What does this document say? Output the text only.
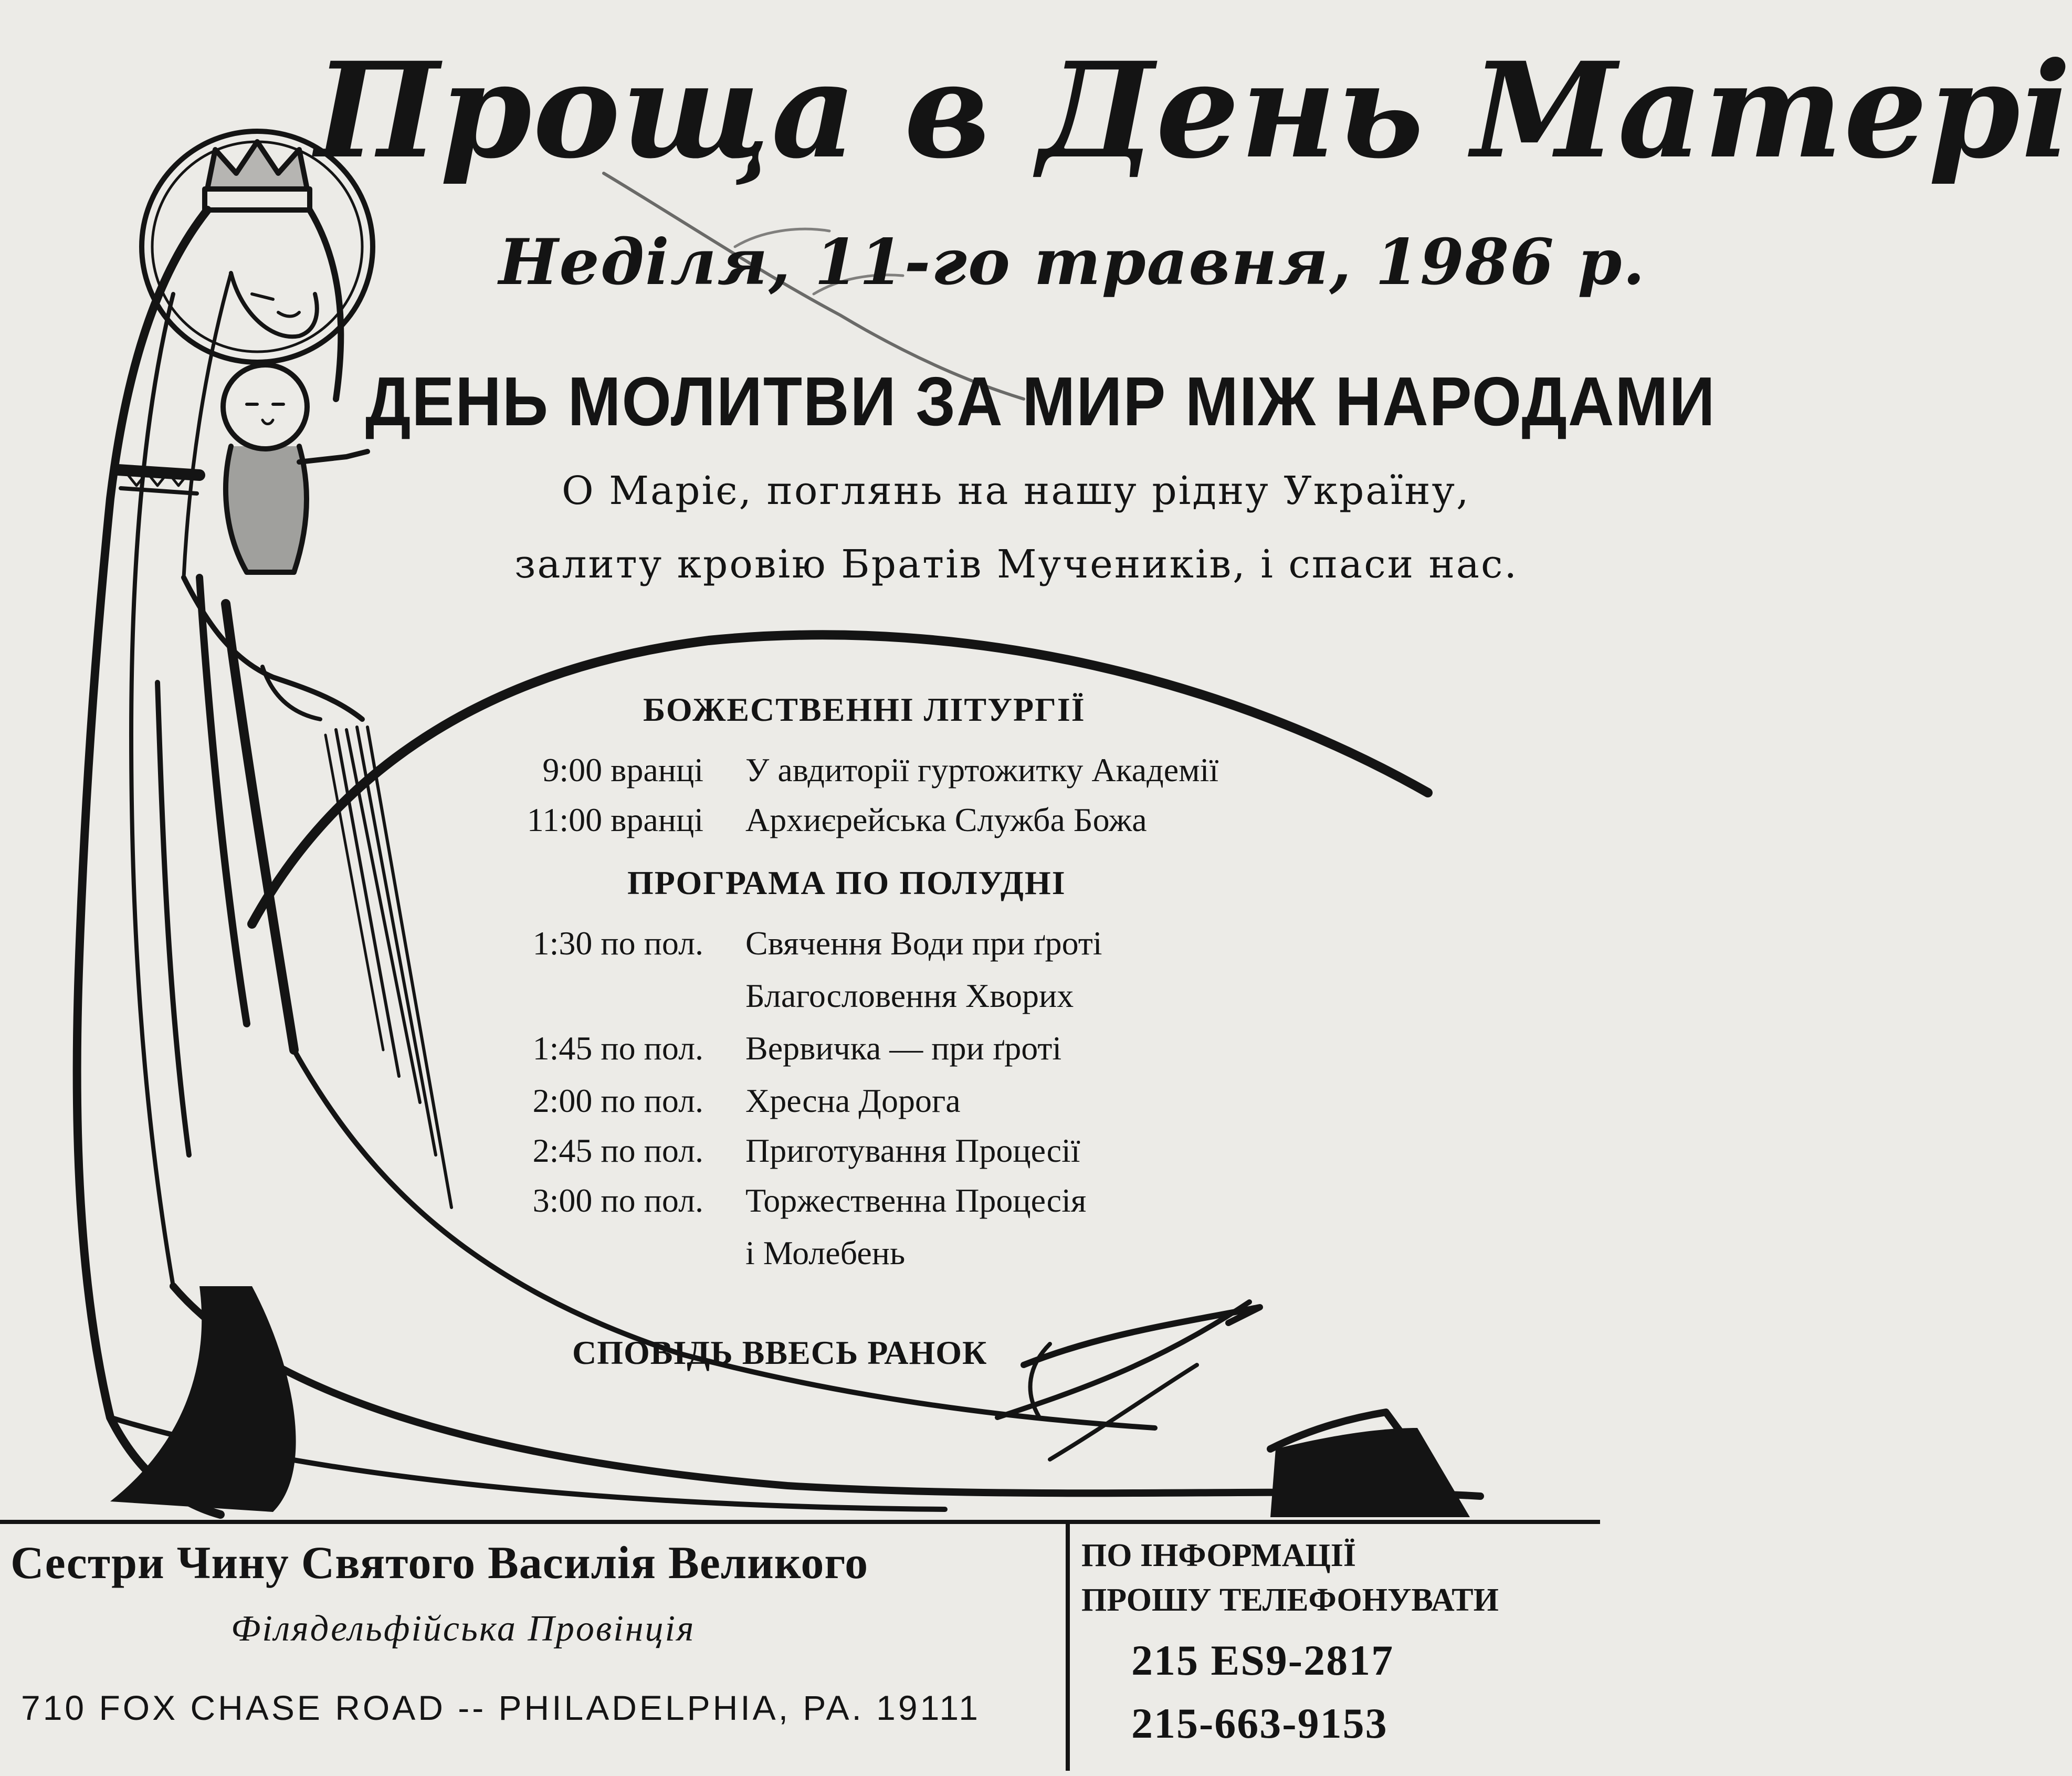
Проща в День Матері
Неділя, 11-го травня, 1986 р.
ДЕНЬ МОЛИТВИ ЗА МИР МІЖ НАРОДАМИ
О Маріє, поглянь на нашу рідну Україну,
залиту кровію Братів Мучеників, і спаси нас.
БОЖЕСТВЕННІ ЛІТУРГІЇ
9:00 вранці У авдиторії гуртожитку Академії
11:00 вранці Архиєрейська Служба Божа
ПРОГРАМА ПО ПОЛУДНІ
1:30 по пол. Свячення Води при ґроті
Благословення Хворих
1:45 по пол. Вервичка — при ґроті
2:00 по пол. Хресна Дорога
2:45 по пол. Приготування Процесії
3:00 по пол. Торжественна Процесія
і Молебень
СПОВІДЬ ВВЕСЬ РАНОК
Сестри Чину Святого Василія Великого
Філядельфійська Провінція
710 FOX CHASE ROAD -- PHILADELPHIA, PA. 19111
ПО ІНФОРМАЦІЇ
ПРОШУ ТЕЛЕФОНУВАТИ
215 ES9-2817
215-663-9153
